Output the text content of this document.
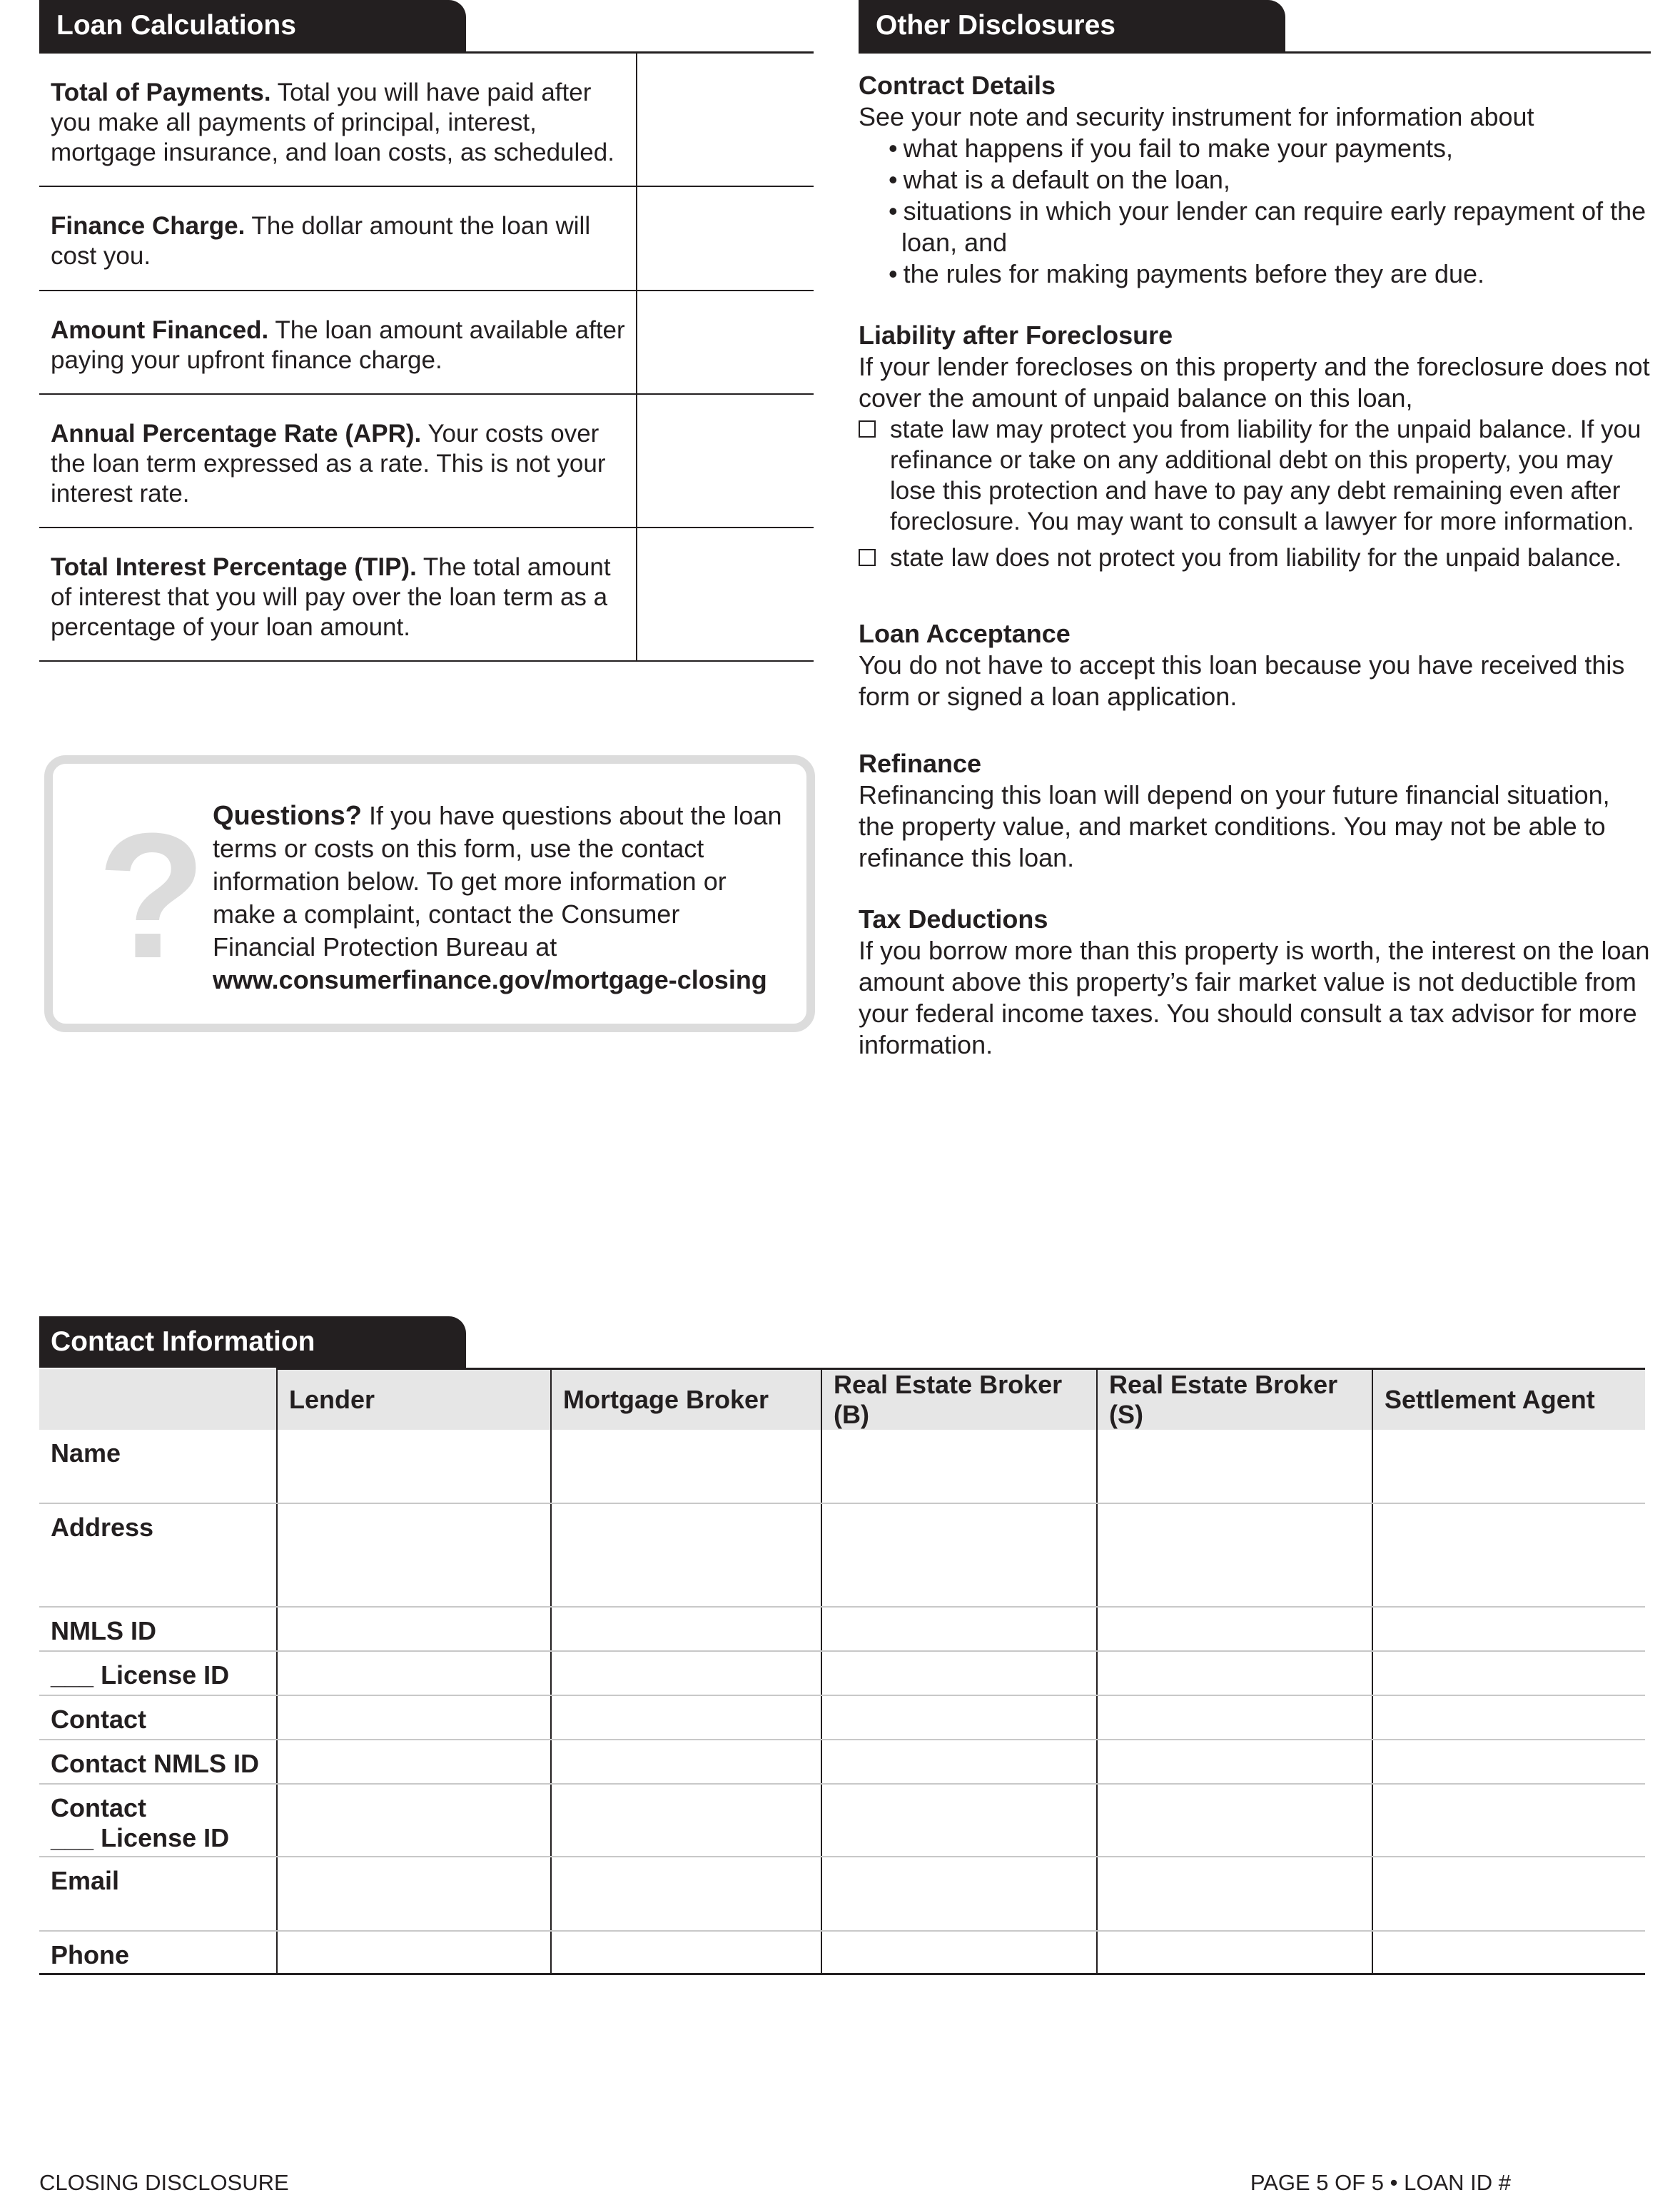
Loan Calculations
Total of Payments. Total you will have paid after you make all payments of principal, interest, mortgage insurance, and loan costs, as scheduled.
Finance Charge. The dollar amount the loan will cost you.
Amount Financed. The loan amount available after paying your upfront finance charge.
Annual Percentage Rate (APR). Your costs over the loan term expressed as a rate. This is not your interest rate.
Total Interest Percentage (TIP). The total amount of interest that you will pay over the loan term as a percentage of your loan amount.
? Questions? If you have questions about the loan terms or costs on this form, use the contact information below. To get more information or make a complaint, contact the Consumer Financial Protection Bureau at
www.consumerfinance.gov/mortgage-closing
Other Disclosures
Contract Details

See your note and security instrument for information about

• what happens if you fail to make your payments,
• what is a default on the loan,
• situations in which your lender can require early repayment of the loan, and
• the rules for making payments before they are due.
Liability after Foreclosure

If your lender forecloses on this property and the foreclosure does not cover the amount of unpaid balance on this loan,

state law may protect you from liability for the unpaid balance. If you refinance or take on any additional debt on this property, you may lose this protection and have to pay any debt remaining even after foreclosure. You may want to consult a lawyer for more information.
state law does not protect you from liability for the unpaid balance.
Loan Acceptance

You do not have to accept this loan because you have received this form or signed a loan application.

Refinance

Refinancing this loan will depend on your future financial situation, the property value, and market conditions. You may not be able to refinance this loan.

Tax Deductions

If you borrow more than this property is worth, the interest on the loan amount above this property’s fair market value is not deductible from your federal income taxes. You should consult a tax advisor for more information.

Contact Information
	Lender	Mortgage Broker	Real Estate Broker (B)	Real Estate Broker (S)	Settlement Agent
Name					
Address					
NMLS ID					
___ License ID					
Contact					
Contact NMLS ID					
Contact
___ License ID					
Email					
Phone					
CLOSING DISCLOSURE	PAGE 5 OF 5 • LOAN ID #
